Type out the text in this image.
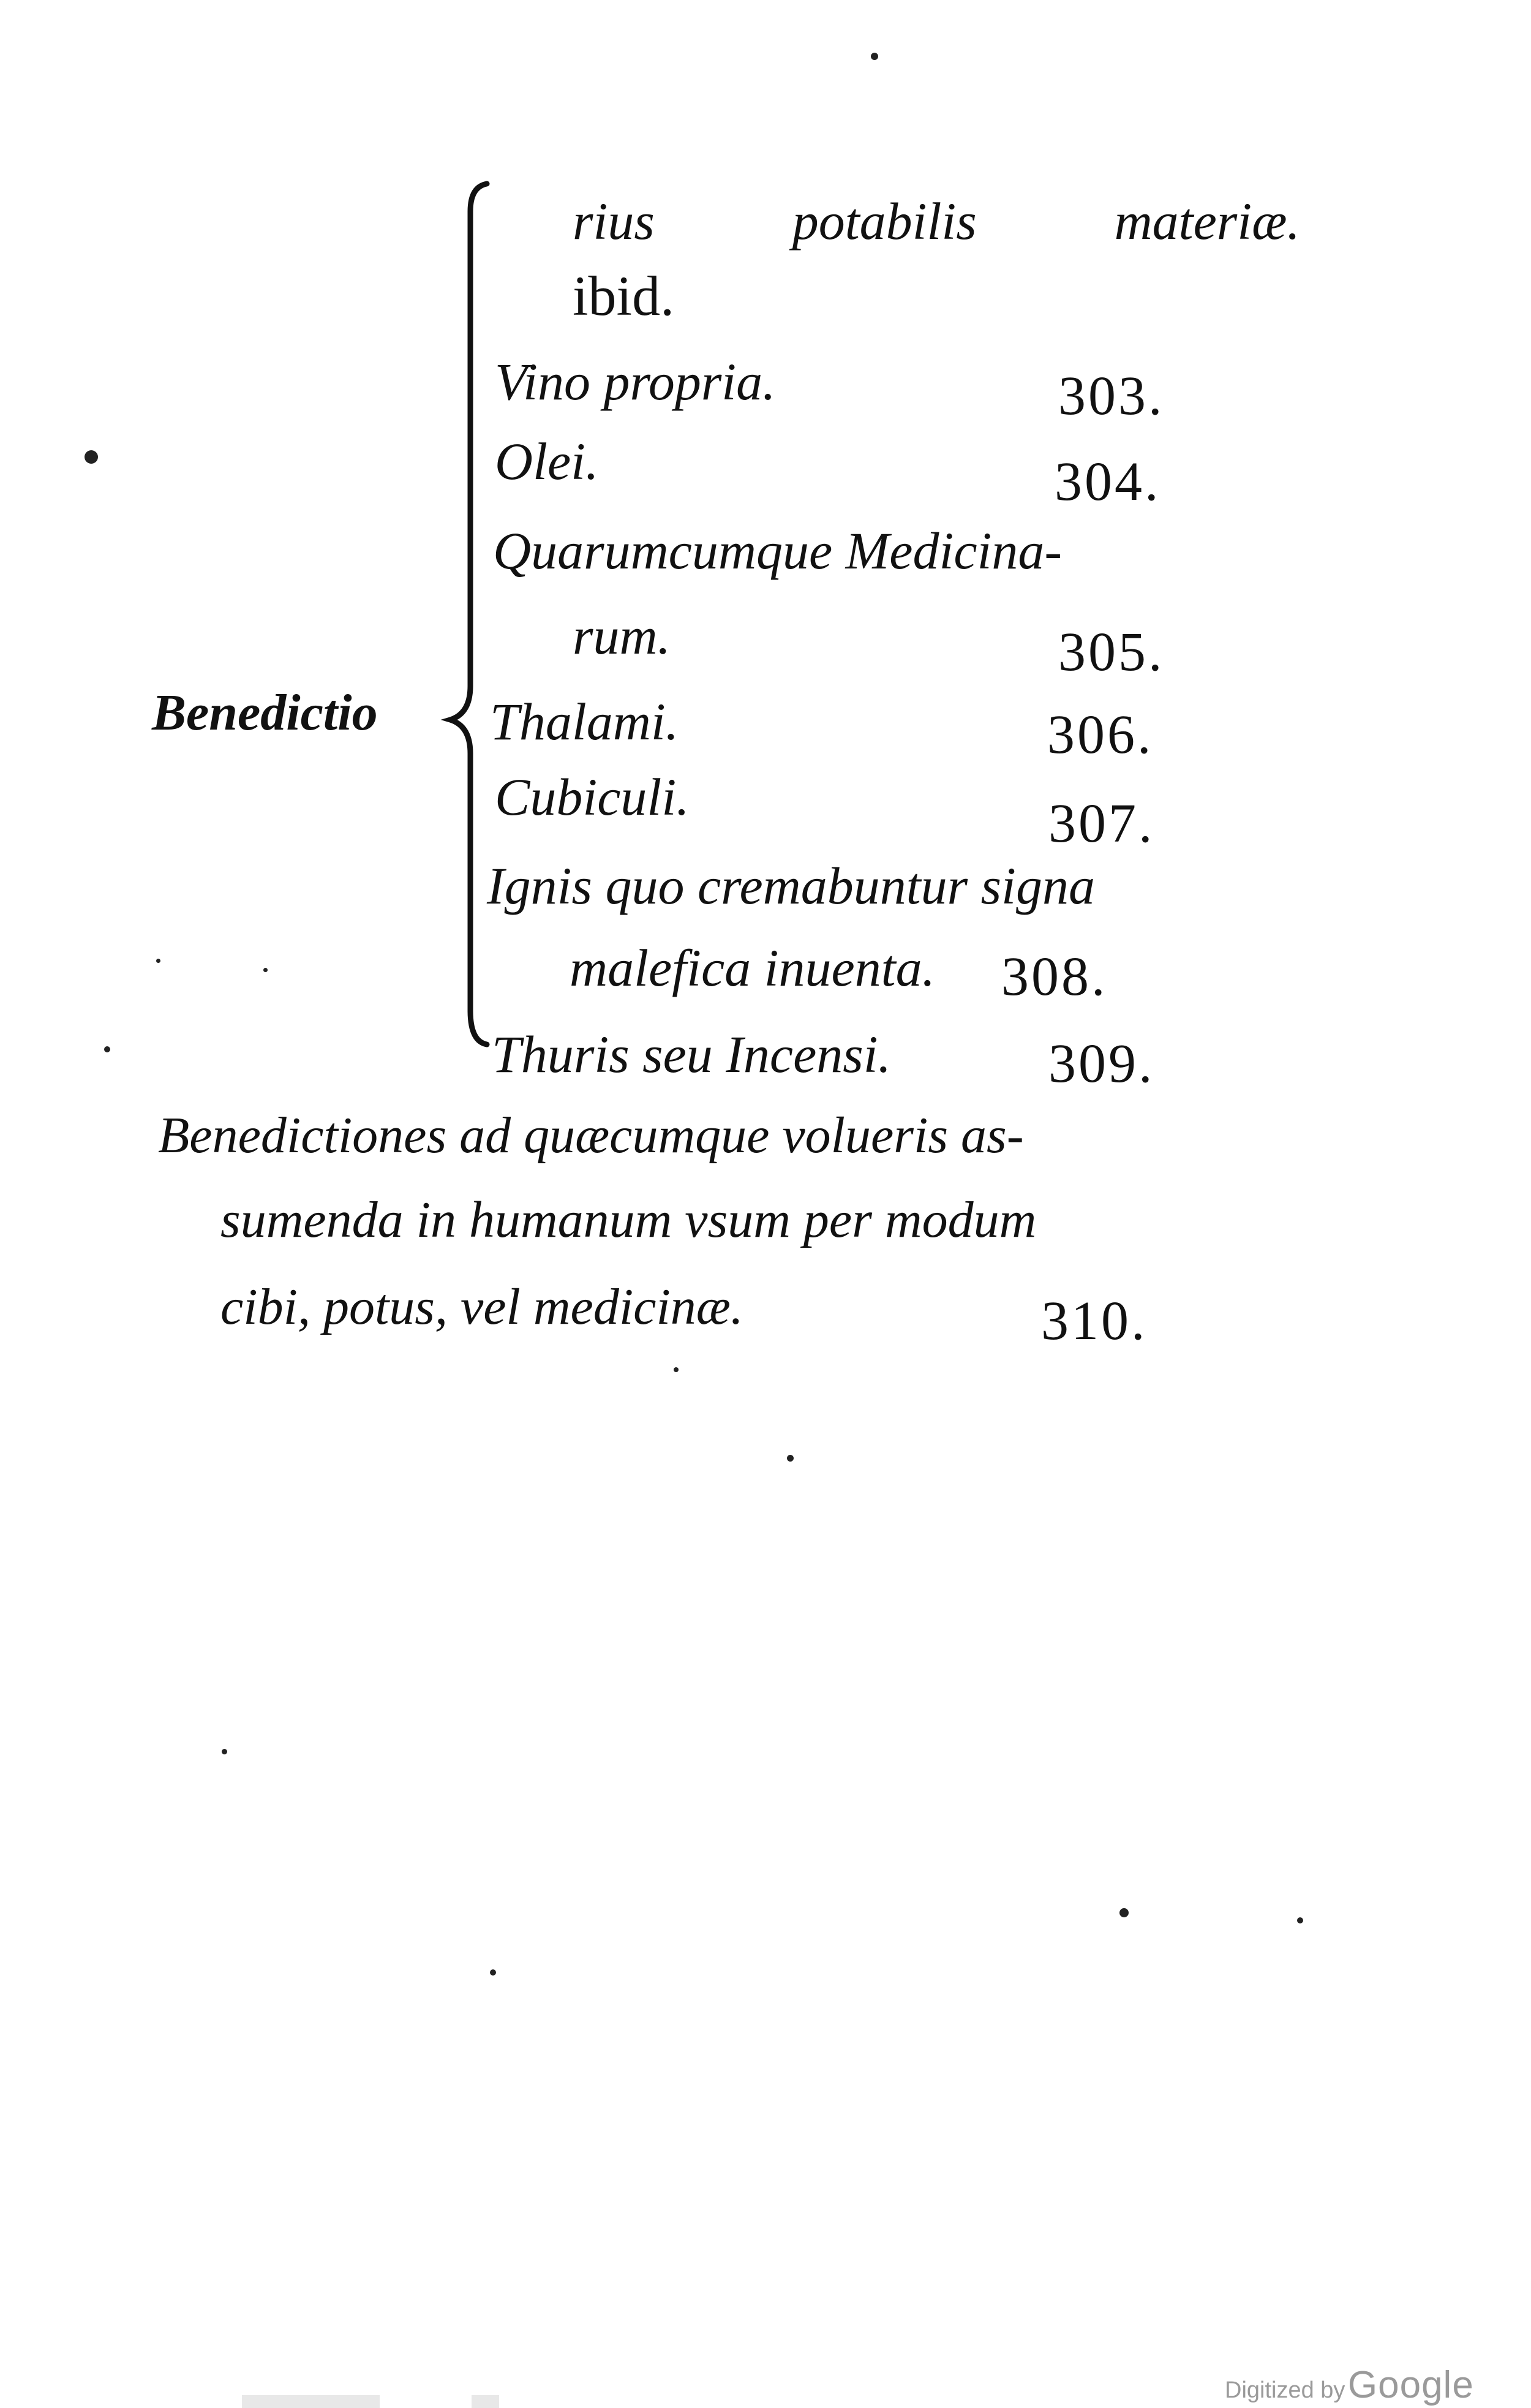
Benedictio
rius	potabilis	materiæ.
ibid.
Vino propria.	303.
Olei.	304.
Quarumcumque Medicina-
rum.	305.
Thalami.	306.
Cubiculi.	307.
Ignis quo cremabuntur signa
malefica inuenta. 308.
Thuris seu Incensi.	309.
Benedictiones ad quæcumque volueris as-
sumenda in humanum vsum per modum
cibi, potus, vel medicinæ.	310.
Digitized by Google
